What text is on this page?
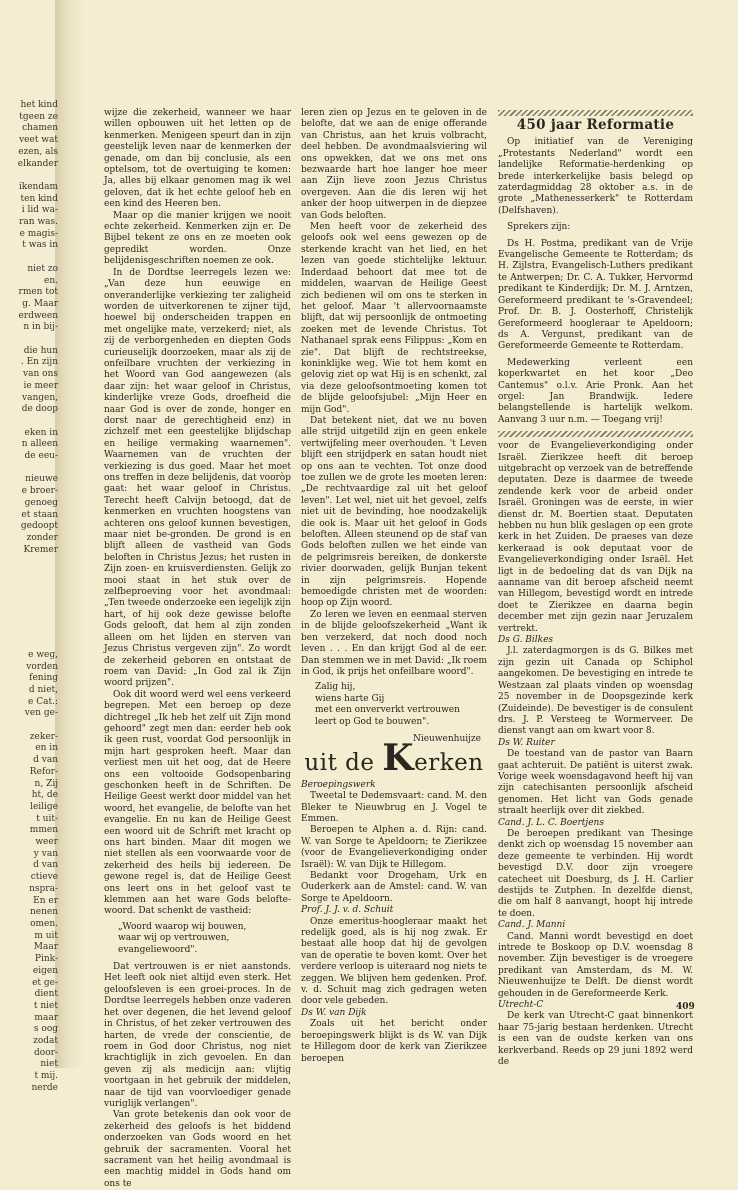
het kind

tgeen ze

chamen

veet wat

ezen, als

elkander

ikendam

ten kind

i lid wa-

ran was.

e magis-

t was in

niet zo

en.

rmen tot

g. Maar

erdween

n in bij-

die hun

. En zijn

van ons

ie meer

vangen,

de doop

eken in

n alleen

de eeu-

nieuwe

e broer-

genoeg

et staan

gedoopt

zonder

Kremer

e weg,

vorden

fening

d niet,

e Cat.:

ven ge-

zeker-

en in

d van

Refor-

n, Zij

ht, de

leilige

t uit-

mmen

weer

y van

d van

ctieve

nspra-

En er

nenen

omen.

m uit

Maar

Pink-

eigen

et ge-

dient

t niet

maar

s oog

zodat

door-

niet

t mij.

nerde

wijze die zekerheid, wanneer we haar willen opbouwen uit het letten op de kenmerken. Menigeen speurt dan in zijn geestelijk leven naar de kenmerken der genade, om dan bij conclusie, als een optelsom, tot de overtuiging te komen: Ja, alles bij elkaar genomen mag ik wel geloven, dat ik het echte geloof heb en een kind des Heeren ben.

Maar op die manier krijgen we nooit echte zekerheid. Kenmerken zijn er. De Bijbel tekent ze ons en ze moeten ook gepredikt worden. Onze belijdenisgeschriften noemen ze ook.

In de Dordtse leerregels lezen we: „Van deze hun eeuwige en onveranderlijke verkiezing ter zaligheid worden de uitverkorenen te zijner tijd, hoewel bij onderscheiden trappen en met ongelijke mate, verzekerd; niet, als zij de verborgenheden en diepten Gods curieuselijk doorzoeken, maar als zij de onfeilbare vruchten der verkiezing in het Woord van God aangewezen (als daar zijn: het waar geloof in Christus, kinderlijke vreze Gods, droefheid die naar God is over de zonde, honger en dorst naar de gerechtigheid enz) in zichzelf met een geestelijke blijdschap en heilige vermaking waarnemen". Waarnemen van de vruchten der verkiezing is dus goed. Maar het moet ons treffen in deze belijdenis, dat vooròp gaat: het waar geloof in Christus. Terecht heeft Calvijn betoogd, dat de kenmerken en vruchten hoogstens van achteren ons geloof kunnen bevestigen, maar niet be-gronden. De grond is en blijft alleen de vastheid van Gods beloften in Christus Jezus; het rusten in Zijn zoen- en kruisverdiensten. Gelijk zo mooi staat in het stuk over de zelfbeproeving voor het avondmaal: „Ten tweede onderzoeke een iegelijk zijn hart, of hij ook deze gewisse belofte Gods gelooft, dat hem al zijn zonden alleen om het lijden en sterven van Jezus Christus vergeven zijn". Zo wordt de zekerheid geboren en ontstaat de roem van David: „In God zal ik Zijn woord prijzen".

Ook dit woord werd wel eens verkeerd begrepen. Met een beroep op deze dichtregel „Ik heb het zelf uit Zijn mond gehoord" zegt men dan: eerder heb ook ik geen rust, voordat God persoonlijk in mijn hart gesproken heeft. Maar dan verliest men uit het oog, dat de Heere ons een voltooide Godsopenbaring geschonken heeft in de Schriften. De Heilige Geest werkt door middel van het woord, het evangelie, de belofte van het evangelie. En nu kan de Heilige Geest een woord uit de Schrift met kracht op ons hart binden. Maar dit mogen we niet stellen als een voorwaarde voor de zekerheid des heils bij iedereen. De gewone regel is, dat de Heilige Geest ons leert ons in het geloof vast te klemmen aan het ware Gods belofte-woord. Dat schenkt de vastheid:

„Woord waarop wij bouwen,
waar wij op vertrouwen,
evangeliewoord".

Dat vertrouwen is er niet aanstonds. Het leeft ook niet altijd even sterk. Het geloofsleven is een groei-proces. In de Dordtse leerregels hebben onze vaderen het over degenen, die het levend geloof in Christus, of het zeker vertrouwen des harten, de vrede der conscientie, de roem in God door Christus, nog niet krachtiglijk in zich gevoelen. En dan geven zij als medicijn aan: vlijtig voortgaan in het gebruik der middelen, naar de tijd van voorvloediger genade vuriglijk verlangen".

Van grote betekenis dan ook voor de zekerheid des geloofs is het biddend onderzoeken van Gods woord en het gebruik der sacramenten. Vooral het sacrament van het heilig avondmaal is een machtig middel in Gods hand om ons te

leren zien op Jezus en te geloven in de belofte, dat we aan de enige offerande van Christus, aan het kruis volbracht, deel hebben. De avondmaalsviering wil ons opwekken, dat we ons met ons bezwaarde hart hoe langer hoe meer aan Zijn lieve zoon Jezus Christus overgeven. Aan die dis leren wij het anker der hoop uitwerpen in de diepzee van Gods beloften.

Men heeft voor de zekerheid des geloofs ook wel eens gewezen op de sterkende kracht van het lied, en het lezen van goede stichtelijke lektuur. Inderdaad behoort dat mee tot de middelen, waarvan de Heilige Geest zich bedienen wil om ons te sterken in het geloof. Maar 't allervoornaamste blijft, dat wij persoonlijk de ontmoeting zoeken met de levende Christus. Tot Nathanael sprak eens Filippus: „Kom en zie". Dat blijft de rechtstreekse, koninklijke weg. Wie tot hem komt en gelovig ziet op wat Hij is en schenkt, zal via deze geloofsontmoeting komen tot de blijde geloofsjubel: „Mijn Heer en mijn God".

Dat betekent niet, dat we nu boven alle strijd uitgetild zijn en geen enkele vertwijfeling meer overhouden. 't Leven blijft een strijdperk en satan houdt niet op ons aan te vechten. Tot onze dood toe zullen we de grote les moeten leren: „De rechtvaardige zal uit het geloof leven". Let wel, niet uit het gevoel, zelfs niet uit de bevinding, hoe noodzakelijk die ook is. Maar uit het geloof in Gods beloften. Alleen steunend op de staf van Gods beloften zullen we het einde van de pelgrimsreis bereiken, de donkerste rivier doorwaden, gelijk Bunjan tekent in zijn pelgrimsreis. Hopende bemoedigde christen met de woorden: hoop op Zijn woord.

Zo leren we leven en eenmaal sterven in de blijde geloofszekerheid „Want ik ben verzekerd, dat noch dood noch leven . . . En dan krijgt God al de eer. Dan stemmen we in met David: „Ik roem in God, ik prijs het onfeilbare woord".

Zalig hij,
wiens harte Gij
met een onververkt vertrouwen
leert op God te bouwen".
Nieuwenhuijze
uit de Kerken

Beroepingswerk

Tweetal te Dedemsvaart: cand. M. den Bleker te Nieuwbrug en J. Vogel te Emmen.

Beroepen te Alphen a. d. Rijn: cand. W. van Sorge te Apeldoorn; te Zierikzee (voor de Evangelieverkondiging onder Israël): W. van Dijk te Hillegom.

Bedankt voor Drogeham, Urk en Ouderkerk aan de Amstel: cand. W. van Sorge te Apeldoorn.

Prof. J. J. v. d. Schuit

Onze emeritus-hoogleraar maakt het redelijk goed, als is hij nog zwak. Er bestaat alle hoop dat hij de gevolgen van de operatie te boven komt. Over het verdere verloop is uiteraard nog niets te zeggen. We blijven hem gedenken. Prof. v. d. Schuit mag zich gedragen weten door vele gebeden.

Ds W. van Dijk

Zoals uit het bericht onder beroepingswerk blijkt is ds W. van Dijk te Hillegom door de kerk van Zierikzee beroepen

450 jaar Reformatie

Op initiatief van de Vereniging „Protestants Nederland" wordt een landelijke Reformatie-herdenking op brede interkerkelijke basis belegd op zaterdagmiddag 28 oktober a.s. in de grote „Mathenesserkerk" te Rotterdam (Delfshaven).

Sprekers zijn:

Ds H. Postma, predikant van de Vrije Evangelische Gemeente te Rotterdam; ds H. Zijlstra, Evangelisch-Luthers predikant te Antwerpen; Dr. C. A. Tukker, Hervormd predikant te Kinderdijk; Dr. M. J. Arntzen, Gereformeerd predikant te 's-Gravendeel; Prof. Dr. B. J. Oosterhoff, Christelijk Gereformeerd hoogleraar te Apeldoorn; ds A. Vergunst, predikant van de Gereformeerde Gemeente te Rotterdam.

Medewerking verleent een koperkwartet en het koor „Deo Cantemus" o.l.v. Arie Pronk. Aan het orgel: Jan Brandwijk. Iedere belangstellende is hartelijk welkom. Aanvang 3 uur n.m. — Toegang vrij!

voor de Evangelieverkondiging onder Israël. Zierikzee heeft dit beroep uitgebracht op verzoek van de betreffende deputaten. Deze is daarmee de tweede zendende kerk voor de arbeid onder Israël. Groningen was de eerste, in wier dienst dr. M. Boertien staat. Deputaten hebben nu hun blik geslagen op een grote kerk in het Zuiden. De praeses van deze kerkeraad is ook deputaat voor de Evangelieverkondiging onder Israël. Het ligt in de bedoeling dat ds van Dijk na aanname van dit beroep afscheid neemt van Hillegom, bevestigd wordt en intrede doet te Zierikzee en daarna begin december met zijn gezin naar Jeruzalem vertrekt.

Ds G. Bilkes

J.l. zaterdagmorgen is ds G. Bilkes met zijn gezin uit Canada op Schiphol aangekomen. De bevestiging en intrede te Westzaan zal plaats vinden op woensdag 25 november in de Doopsgezinde kerk (Zuideinde). De bevestiger is de consulent drs. J. P. Versteeg te Wormerveer. De dienst vangt aan om kwart voor 8.

Ds W. Ruiter

De toestand van de pastor van Baarn gaat achteruit. De patiënt is uiterst zwak. Vorige week woensdagavond heeft hij van zijn catechisanten persoonlijk afscheid genomen. Het licht van Gods genade straalt heerlijk over dit ziekbed.

Cand. J. L. C. Boertjens

De beroepen predikant van Thesinge denkt zich op woensdag 15 november aan deze gemeente te verbinden. Hij wordt bevestigd D.V. door zijn vroegere catecheet uit Doesburg, ds J. H. Carlier destijds te Zutphen. In dezelfde dienst, die om half 8 aanvangt, hoopt hij intrede te doen.

Cand. J. Manni

Cand. Manni wordt bevestigd en doet intrede te Boskoop op D.V. woensdag 8 november. Zijn bevestiger is de vroegere predikant van Amsterdam, ds M. W. Nieuwenhuijze te Delft. De dienst wordt gehouden in de Gereformeerde Kerk.

Utrecht-C

De kerk van Utrecht-C gaat binnenkort haar 75-jarig bestaan herdenken. Utrecht is een van de oudste kerken van ons kerkverband. Reeds op 29 juni 1892 werd de

409
